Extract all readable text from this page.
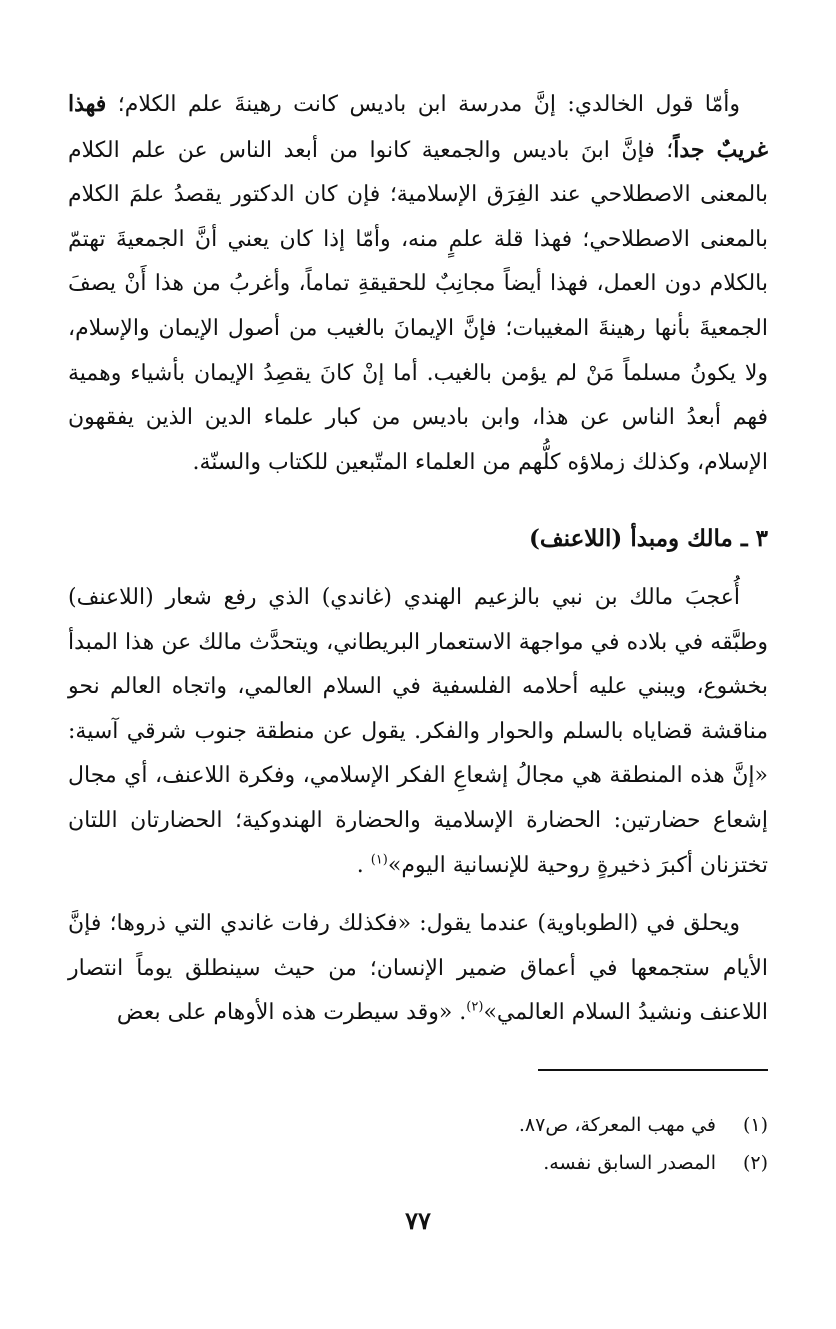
وأمّا قول الخالدي: إنَّ مدرسة ابن باديس كانت رهينةَ علم الكلام؛ فهذا غريبٌ جداً؛ فإنَّ ابنَ باديس والجمعية كانوا من أبعد الناس عن علم الكلام بالمعنى الاصطلاحي عند الفِرَق الإسلامية؛ فإن كان الدكتور يقصدُ علمَ الكلام بالمعنى الاصطلاحي؛ فهذا قلة علمٍ منه، وأمّا إذا كان يعني أنَّ الجمعيةَ تهتمّ بالكلام دون العمل، فهذا أيضاً مجانِبٌ للحقيقةِ تماماً، وأغربُ من هذا أَنْ يصفَ الجمعيةَ بأنها رهينةَ المغيبات؛ فإنَّ الإيمانَ بالغيب من أصول الإيمان والإسلام، ولا يكونُ مسلماً مَنْ لم يؤمن بالغيب. أما إنْ كانَ يقصِدُ الإيمان بأشياء وهمية فهم أبعدُ الناس عن هذا، وابن باديس من كبار علماء الدين الذين يفقهون الإسلام، وكذلك زملاؤه كلُّهم من العلماء المتّبعين للكتاب والسنّة.

٣ ـ مالك ومبدأ (اللاعنف)

أُعجبَ مالك بن نبي بالزعيم الهندي (غاندي) الذي رفع شعار (اللاعنف) وطبَّقه في بلاده في مواجهة الاستعمار البريطاني، ويتحدَّث مالك عن هذا المبدأ بخشوع، ويبني عليه أحلامه الفلسفية في السلام العالمي، واتجاه العالم نحو مناقشة قضاياه بالسلم والحوار والفكر. يقول عن منطقة جنوب شرقي آسية: «إنَّ هذه المنطقة هي مجالُ إشعاعِ الفكر الإسلامي، وفكرة اللاعنف، أي مجال إشعاع حضارتين: الحضارة الإسلامية والحضارة الهندوكية؛ الحضارتان اللتان تختزنان أكبرَ ذخيرةٍ روحية للإنسانية اليوم»$^{(١)}$ .

ويحلق في (الطوباوية) عندما يقول: «فكذلك رفات غاندي التي ذروها؛ فإنَّ الأيام ستجمعها في أعماق ضمير الإنسان؛ من حيث سينطلق يوماً انتصار اللاعنف ونشيدُ السلام العالمي»$^{(٢)}$. «وقد سيطرت هذه الأوهام على بعض

(١)
في مهب المعركة، ص٨٧.
(٢)
المصدر السابق نفسه.
٧٧
